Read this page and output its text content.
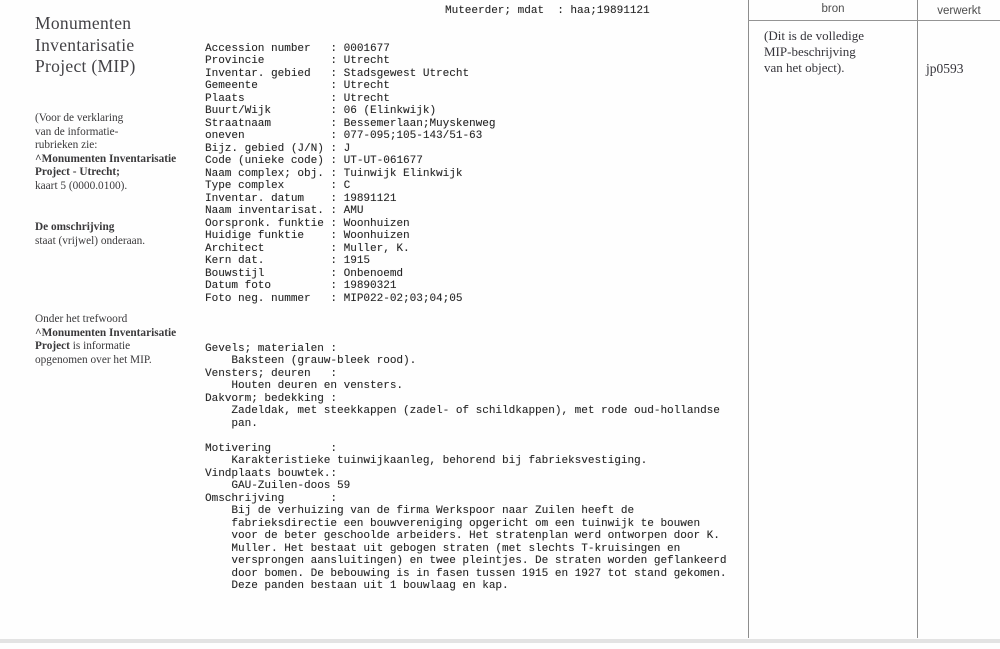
Monumenten
Inventarisatie
Project (MIP)
(Voor de verklaring
van de informatie-
rubrieken zie:
^Monumenten Inventarisatie
Project - Utrecht;
kaart 5 (0000.0100).
De omschrijving
staat (vrijwel) onderaan.
Onder het trefwoord
^Monumenten Inventarisatie
Project is informatie
opgenomen over het MIP.

Muteerder; mdat : haa;19891121

Accession number : 0001677
Provincie	: Utrecht
Inventar. gebied : Stadsgewest Utrecht
Gemeente	: Utrecht
Plaats	: Utrecht
Buurt/Wijk	: 06 (Elinkwijk)
Straatnaam	: Bessemerlaan;Muyskenweg
oneven	: 077-095;105-143/51-63
Bijz. gebied (J/N) : J
Code (unieke code) : UT-UT-061677
Naam complex; obj. : Tuinwijk Elinkwijk
Type complex	: C
Inventar. datum : 19891121
Naam inventarisat. : AMU
Oorspronk. funktie : Woonhuizen
Huidige funktie : Woonhuizen
Architect	: Muller, K.
Kern dat.	: 1915
Bouwstijl	: Onbenoemd
Datum foto	: 19890321
Foto neg. nummer : MIP022-02;03;04;05

Gevels; materialen :
Baksteen (grauw-bleek rood).
Vensters; deuren :
Houten deuren en vensters.
Dakvorm; bedekking :
Zadeldak, met steekkappen (zadel- of schildkappen), met rode oud-hollandse
pan.
Motivering	:
Karakteristieke tuinwijkaanleg, behorend bij fabrieksvestiging.
Vindplaats bouwtek.:
GAU-Zuilen-doos 59
Omschrijving	:
Bij de verhuizing van de firma Werkspoor naar Zuilen heeft de
fabrieksdirectie een bouwvereniging opgericht om een tuinwijk te bouwen
voor de beter geschoolde arbeiders. Het stratenplan werd ontworpen door K.
Muller. Het bestaat uit gebogen straten (met slechts T-kruisingen en
versprongen aansluitingen) en twee pleintjes. De straten worden geflankeerd
door bomen. De bebouwing is in fasen tussen 1915 en 1927 tot stand gekomen.
Deze panden bestaan uit 1 bouwlaag en kap.

bron	verwerkt
(Dit is de volledige
MIP-beschrijving
van het object).	jp0593
